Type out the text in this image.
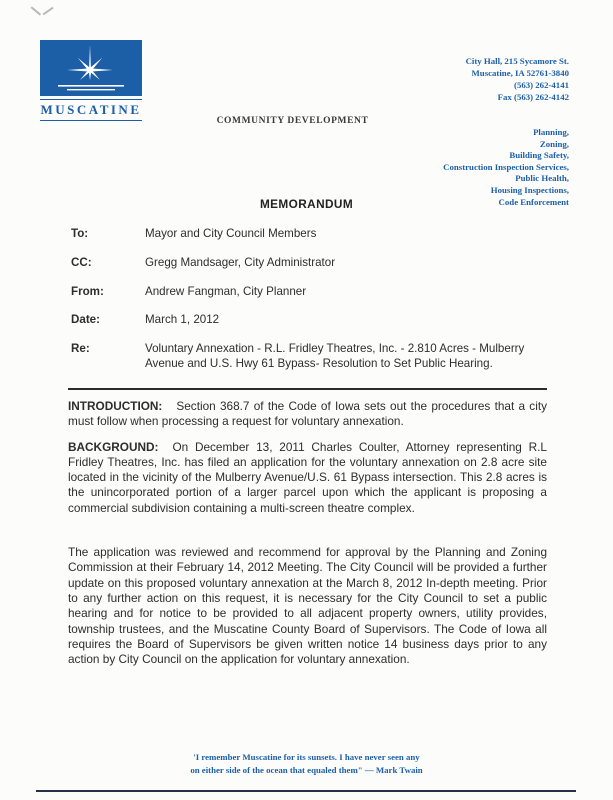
MUSCATINE
City Hall, 215 Sycamore St.
Muscatine, IA 52761-3840
(563) 262-4141
Fax (563) 262-4142
COMMUNITY DEVELOPMENT
Planning,
Zoning,
Building Safety,
Construction Inspection Services,
Public Health,
Housing Inspections,
Code Enforcement
MEMORANDUM
To:	Mayor and City Council Members
CC:	Gregg Mandsager, City Administrator
From:	Andrew Fangman, City Planner
Date:	March 1, 2012
Re:	Voluntary Annexation - R.L. Fridley Theatres, Inc. - 2.810 Acres - Mulberry Avenue and U.S. Hwy 61 Bypass- Resolution to Set Public Hearing.

INTRODUCTION: Section 368.7 of the Code of Iowa sets out the procedures that a city must follow when processing a request for voluntary annexation.

BACKGROUND: On December 13, 2011 Charles Coulter, Attorney representing R.L Fridley Theatres, Inc. has filed an application for the voluntary annexation on 2.8 acre site located in the vicinity of the Mulberry Avenue/U.S. 61 Bypass intersection. This 2.8 acres is the unincorporated portion of a larger parcel upon which the applicant is proposing a commercial subdivision containing a multi-screen theatre complex.

The application was reviewed and recommend for approval by the Planning and Zoning Commission at their February 14, 2012 Meeting. The City Council will be provided a further update on this proposed voluntary annexation at the March 8, 2012 In-depth meeting. Prior to any further action on this request, it is necessary for the City Council to set a public hearing and for notice to be provided to all adjacent property owners, utility provides, township trustees, and the Muscatine County Board of Supervisors. The Code of Iowa all requires the Board of Supervisors be given written notice 14 business days prior to any action by City Council on the application for voluntary annexation.

'I remember Muscatine for its sunsets. I have never seen any
on either side of the ocean that equaled them" — Mark Twain
